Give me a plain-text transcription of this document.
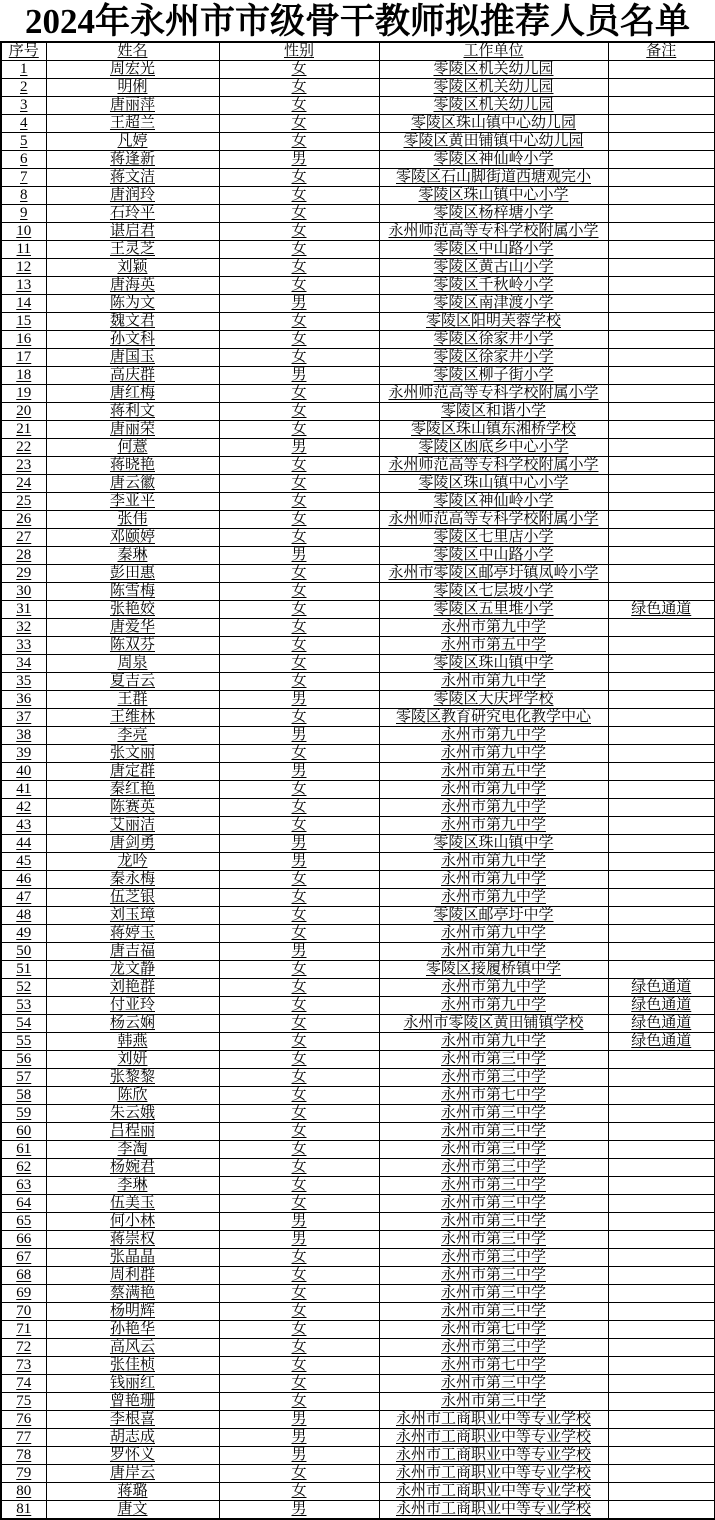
2024年永州市市级骨干教师拟推荐人员名单
序号	姓名	性别	工作单位	备注
1	周宏光	女	零陵区机关幼儿园	
2	明俐	女	零陵区机关幼儿园	
3	唐丽萍	女	零陵区机关幼儿园	
4	王超兰	女	零陵区珠山镇中心幼儿园	
5	凡婷	女	零陵区黄田铺镇中心幼儿园	
6	蒋逢新	男	零陵区神仙岭小学	
7	蒋文洁	女	零陵区石山脚街道西塘观完小	
8	唐润玲	女	零陵区珠山镇中心小学	
9	石玲平	女	零陵区杨梓塘小学	
10	谌启君	女	永州师范高等专科学校附属小学	
11	王灵芝	女	零陵区中山路小学	
12	刘颖	女	零陵区黄古山小学	
13	唐海英	女	零陵区千秋岭小学	
14	陈为文	男	零陵区南津渡小学	
15	魏文君	女	零陵区阳明芙蓉学校	
16	孙文科	女	零陵区徐家井小学	
17	唐国玉	女	零陵区徐家井小学	
18	高庆群	男	零陵区柳子街小学	
19	唐红梅	女	永州师范高等专科学校附属小学	
20	蒋利文	女	零陵区和谐小学	
21	唐丽荣	女	零陵区珠山镇东湘桥学校	
22	何薏	男	零陵区凼底乡中心小学	
23	蒋晓艳	女	永州师范高等专科学校附属小学	
24	唐云徽	女	零陵区珠山镇中心小学	
25	李亚平	女	零陵区神仙岭小学	
26	张伟	女	永州师范高等专科学校附属小学	
27	邓颐婷	女	零陵区七里店小学	
28	秦琳	男	零陵区中山路小学	
29	彭田惠	女	永州市零陵区邮亭圩镇凤岭小学	
30	陈雪梅	女	零陵区七层坡小学	
31	张艳姣	女	零陵区五里堆小学	绿色通道
32	唐爱华	女	永州市第九中学	
33	陈双芬	女	永州市第五中学	
34	周泉	女	零陵区珠山镇中学	
35	夏吉云	女	永州市第九中学	
36	王群	男	零陵区大庆坪学校	
37	王维林	女	零陵区教育研究电化教学中心	
38	李亮	男	永州市第九中学	
39	张文丽	女	永州市第九中学	
40	唐定群	男	永州市第五中学	
41	秦红艳	女	永州市第九中学	
42	陈赛英	女	永州市第九中学	
43	艾丽洁	女	永州市第九中学	
44	唐剑勇	男	零陵区珠山镇中学	
45	龙吟	男	永州市第九中学	
46	秦永梅	女	永州市第九中学	
47	伍芝银	女	永州市第九中学	
48	刘玉璋	女	零陵区邮亭圩中学	
49	蒋婷玉	女	永州市第九中学	
50	唐吉福	男	永州市第九中学	
51	龙文静	女	零陵区接履桥镇中学	
52	刘艳群	女	永州市第九中学	绿色通道
53	付亚玲	女	永州市第九中学	绿色通道
54	杨云娴	女	永州市零陵区黄田铺镇学校	绿色通道
55	韩燕	女	永州市第九中学	绿色通道
56	刘妍	女	永州市第三中学	
57	张黎黎	女	永州市第三中学	
58	陈欣	女	永州市第七中学	
59	朱云娥	女	永州市第三中学	
60	吕程丽	女	永州市第三中学	
61	李淘	女	永州市第三中学	
62	杨婉君	女	永州市第三中学	
63	李琳	女	永州市第三中学	
64	伍美玉	女	永州市第三中学	
65	何小林	男	永州市第三中学	
66	蒋崇权	男	永州市第三中学	
67	张晶晶	女	永州市第三中学	
68	周利群	女	永州市第三中学	
69	蔡满艳	女	永州市第三中学	
70	杨明辉	女	永州市第三中学	
71	孙艳华	女	永州市第七中学	
72	高风云	女	永州市第三中学	
73	张佳桢	女	永州市第七中学	
74	钱丽红	女	永州市第三中学	
75	曾艳珊	女	永州市第三中学	
76	李根喜	男	永州市工商职业中等专业学校	
77	胡志成	男	永州市工商职业中等专业学校	
78	罗怀义	男	永州市工商职业中等专业学校	
79	唐岸云	女	永州市工商职业中等专业学校	
80	蒋璐	女	永州市工商职业中等专业学校	
81	唐文	男	永州市工商职业中等专业学校	
